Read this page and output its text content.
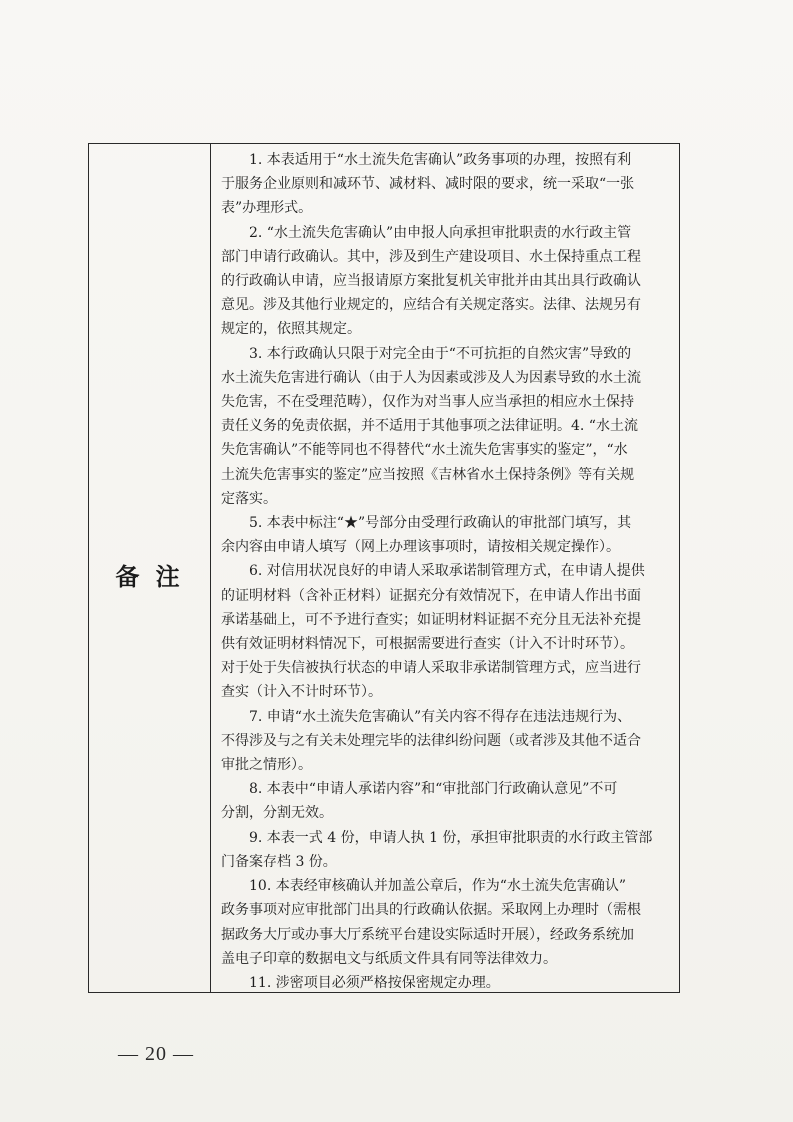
备 注

1. 本表适用于“水土流失危害确认”政务事项的办理，按照有利
于服务企业原则和减环节、减材料、减时限的要求，统一采取“一张
表”办理形式。

2. “水土流失危害确认”由申报人向承担审批职责的水行政主管
部门申请行政确认。其中，涉及到生产建设项目、水土保持重点工程
的行政确认申请，应当报请原方案批复机关审批并由其出具行政确认
意见。涉及其他行业规定的，应结合有关规定落实。法律、法规另有
规定的，依照其规定。

3. 本行政确认只限于对完全由于“不可抗拒的自然灾害”导致的
水土流失危害进行确认（由于人为因素或涉及人为因素导致的水土流
失危害，不在受理范畴），仅作为对当事人应当承担的相应水土保持
责任义务的免责依据，并不适用于其他事项之法律证明。4. “水土流
失危害确认”不能等同也不得替代“水土流失危害事实的鉴定”，“水
土流失危害事实的鉴定”应当按照《吉林省水土保持条例》等有关规
定落实。

5. 本表中标注“★”号部分由受理行政确认的审批部门填写，其
余内容由申请人填写（网上办理该事项时，请按相关规定操作）。

6. 对信用状况良好的申请人采取承诺制管理方式，在申请人提供
的证明材料（含补正材料）证据充分有效情况下，在申请人作出书面
承诺基础上，可不予进行查实；如证明材料证据不充分且无法补充提
供有效证明材料情况下，可根据需要进行查实（计入不计时环节）。
对于处于失信被执行状态的申请人采取非承诺制管理方式，应当进行
查实（计入不计时环节）。

7. 申请“水土流失危害确认”有关内容不得存在违法违规行为、
不得涉及与之有关未处理完毕的法律纠纷问题（或者涉及其他不适合
审批之情形）。

8. 本表中“申请人承诺内容”和“审批部门行政确认意见”不可
分割，分割无效。

9. 本表一式 4 份，申请人执 1 份，承担审批职责的水行政主管部
门备案存档 3 份。

10. 本表经审核确认并加盖公章后，作为“水土流失危害确认”
政务事项对应审批部门出具的行政确认依据。采取网上办理时（需根
据政务大厅或办事大厅系统平台建设实际适时开展），经政务系统加
盖电子印章的数据电文与纸质文件具有同等法律效力。

11. 涉密项目必须严格按保密规定办理。

— 20 —
